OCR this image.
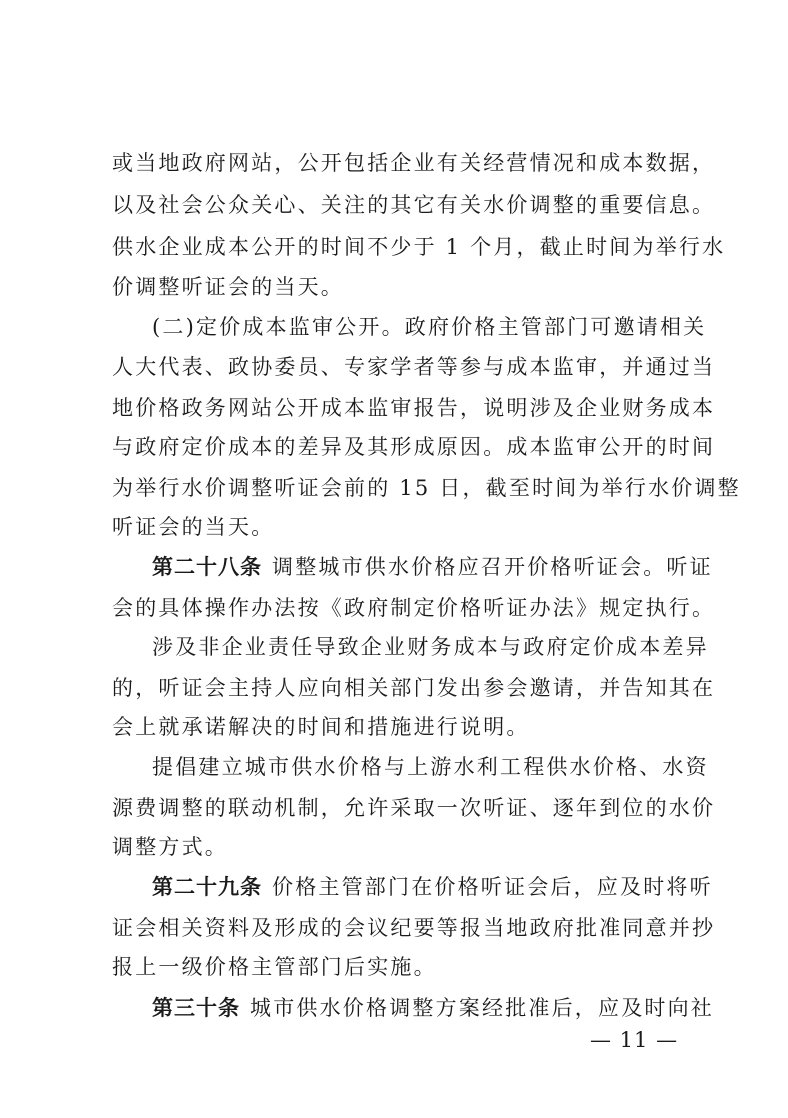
或当地政府网站，公开包括企业有关经营情况和成本数据，
以及社会公众关心、关注的其它有关水价调整的重要信息。
供水企业成本公开的时间不少于 1 个月，截止时间为举行水
价调整听证会的当天。
(二)定价成本监审公开。政府价格主管部门可邀请相关
人大代表、政协委员、专家学者等参与成本监审，并通过当
地价格政务网站公开成本监审报告，说明涉及企业财务成本
与政府定价成本的差异及其形成原因。成本监审公开的时间
为举行水价调整听证会前的 15 日，截至时间为举行水价调整
听证会的当天。
第二十八条 调整城市供水价格应召开价格听证会。听证
会的具体操作办法按《政府制定价格听证办法》规定执行。
涉及非企业责任导致企业财务成本与政府定价成本差异
的，听证会主持人应向相关部门发出参会邀请，并告知其在
会上就承诺解决的时间和措施进行说明。
提倡建立城市供水价格与上游水利工程供水价格、水资
源费调整的联动机制，允许采取一次听证、逐年到位的水价
调整方式。
第二十九条 价格主管部门在价格听证会后，应及时将听
证会相关资料及形成的会议纪要等报当地政府批准同意并抄
报上一级价格主管部门后实施。
第三十条 城市供水价格调整方案经批准后，应及时向社
— 11 —
